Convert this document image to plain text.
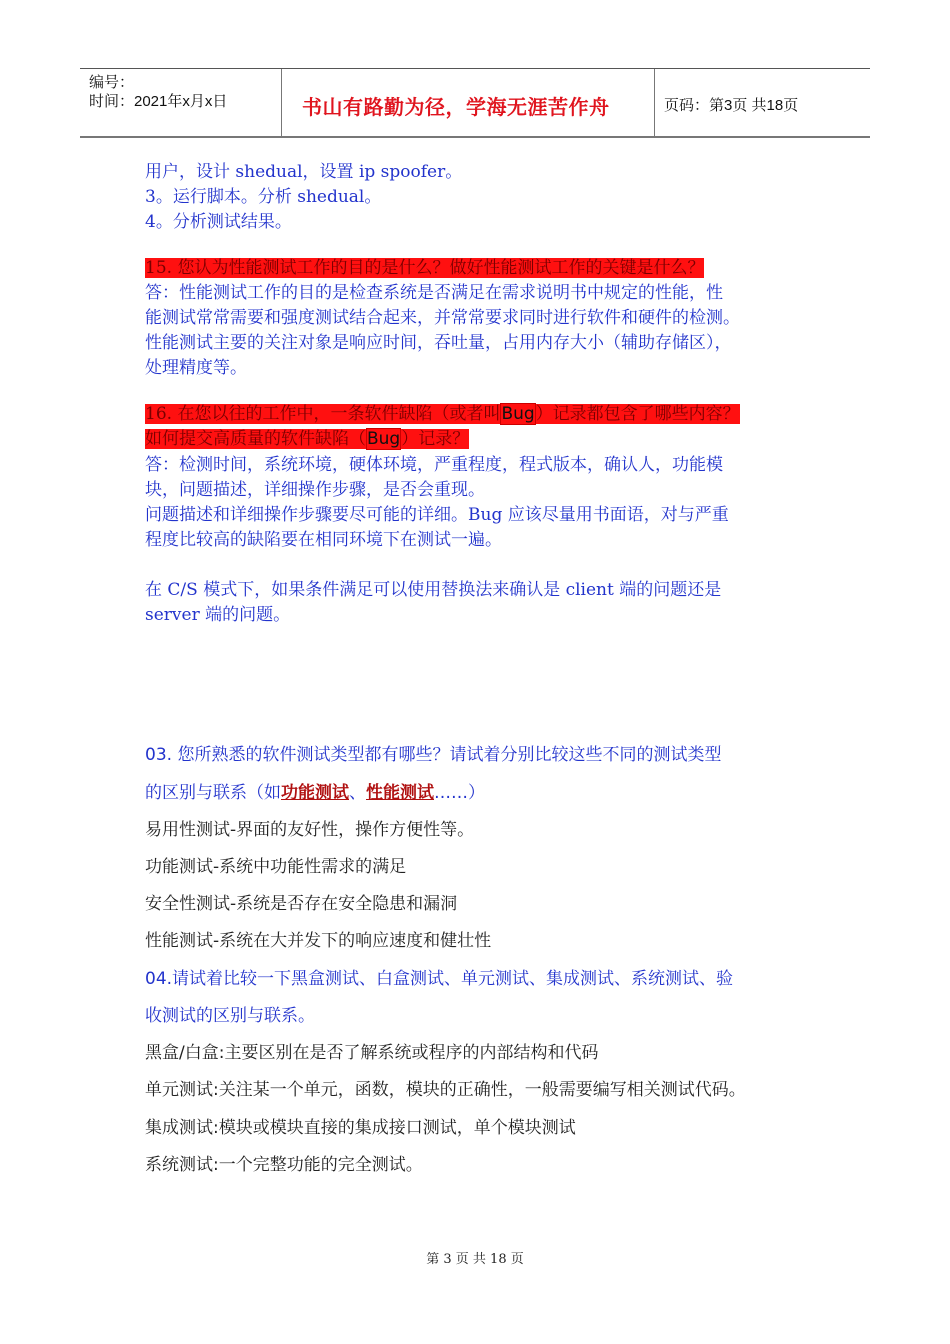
编号：
时间：2021年x月x日	书山有路勤为径，学海无涯苦作舟	页码：第3页 共18页
用户，设计 shedual，设置 ip spoofer。
3。运行脚本。分析 shedual。
4。分析测试结果。
15. 您认为性能测试工作的目的是什么？做好性能测试工作的关键是什么？
答：性能测试工作的目的是检查系统是否满足在需求说明书中规定的性能，性
能测试常常需要和强度测试结合起来，并常常要求同时进行软件和硬件的检测。
性能测试主要的关注对象是响应时间，吞吐量，占用内存大小（辅助存储区），
处理精度等。
16. 在您以往的工作中，一条软件缺陷（或者叫Bug）记录都包含了哪些内容？
如何提交高质量的软件缺陷（Bug）记录？
答：检测时间，系统环境，硬体环境，严重程度，程式版本，确认人，功能模
块，问题描述，详细操作步骤，是否会重现。
问题描述和详细操作步骤要尽可能的详细。Bug 应该尽量用书面语，对与严重
程度比较高的缺陷要在相同环境下在测试一遍。
在 C/S 模式下，如果条件满足可以使用替换法来确认是 client 端的问题还是
server 端的问题。
03. 您所熟悉的软件测试类型都有哪些？请试着分别比较这些不同的测试类型
的区别与联系（如功能测试、性能测试……）
易用性测试-界面的友好性，操作方便性等。
功能测试-系统中功能性需求的满足
安全性测试-系统是否存在安全隐患和漏洞
性能测试-系统在大并发下的响应速度和健壮性
04.请试着比较一下黑盒测试、白盒测试、单元测试、集成测试、系统测试、验
收测试的区别与联系。
黑盒/白盒:主要区别在是否了解系统或程序的内部结构和代码
单元测试:关注某一个单元，函数，模块的正确性，一般需要编写相关测试代码。
集成测试:模块或模块直接的集成接口测试，单个模块测试
系统测试:一个完整功能的完全测试。
第 3 页 共 18 页
